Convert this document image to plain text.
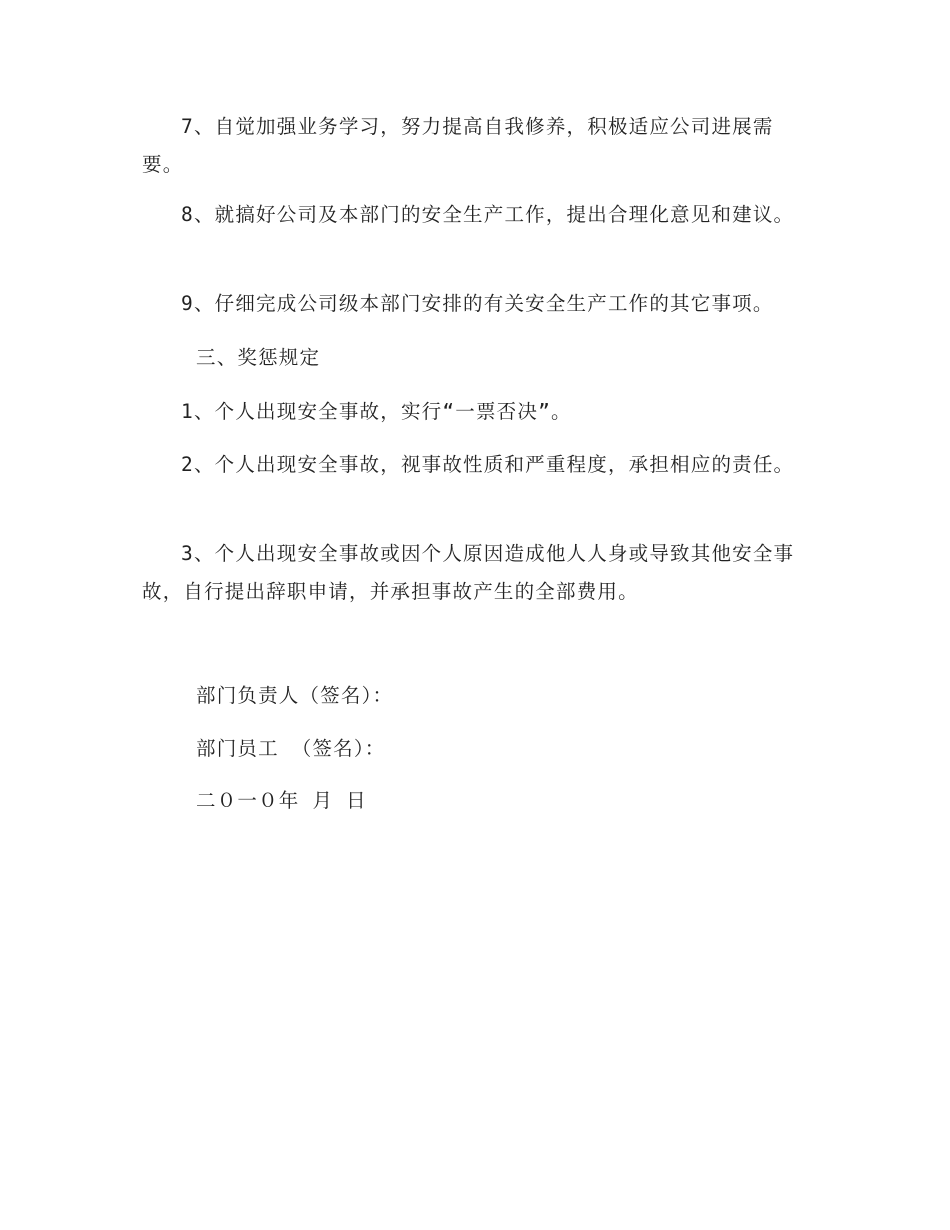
7、自觉加强业务学习，努力提高自我修养，积极适应公司进展需要。

8、就搞好公司及本部门的安全生产工作，提出合理化意见和建议。

9、仔细完成公司级本部门安排的有关安全生产工作的其它事项。

三、奖惩规定

1、个人出现安全事故，实行“一票否决”。

2、个人出现安全事故，视事故性质和严重程度，承担相应的责任。

3、个人出现安全事故或因个人原因造成他人人身或导致其他安全事故，自行提出辞职申请，并承担事故产生的全部费用。

部门负责人（签名）：

部门员工 （签名）：

二０一０年 月 日
